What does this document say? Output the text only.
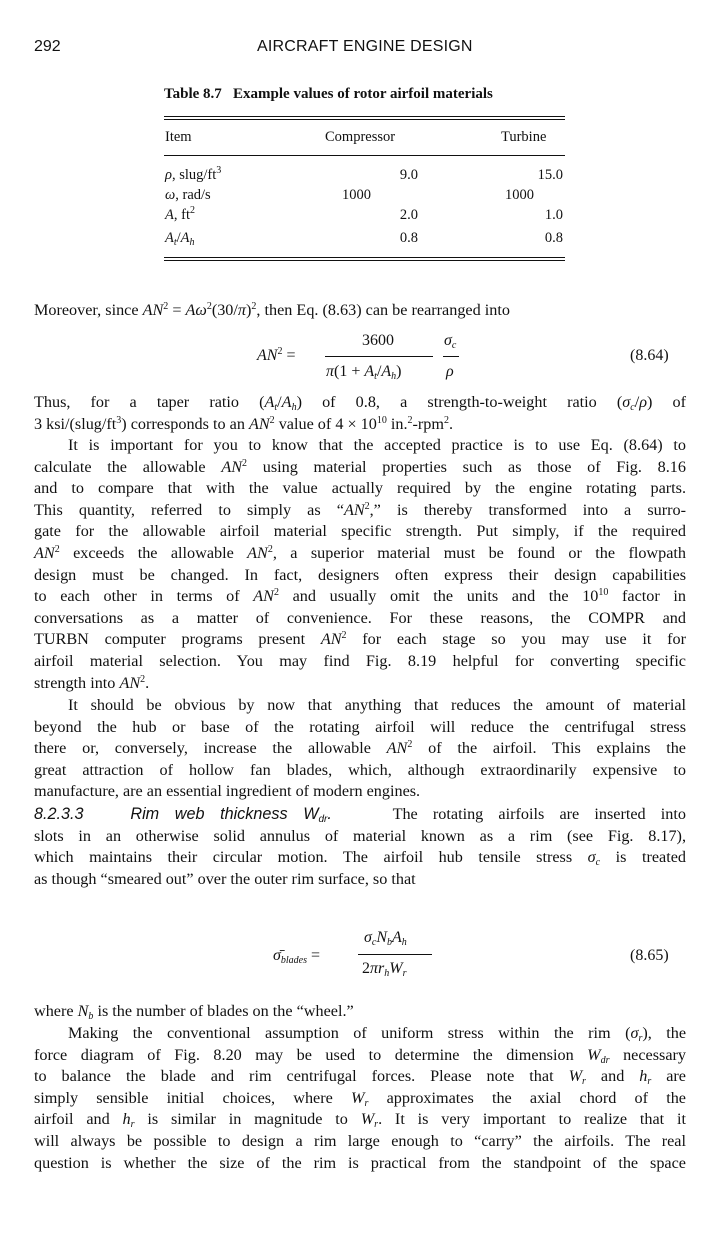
292	AIRCRAFT ENGINE DESIGN
Table 8.7 Example values of rotor airfoil materials
Item	Compressor	Turbine
ρ, slug/$ft^3$	9.0	15.0
ω, rad/s	1000	1000
A, $ft^2$	2.0	1.0
$A_t/A_h$	0.8	0.8
Moreover, since $AN^2 = A\omega^2(30/\pi)^2$, then Eq. (8.63) can be rearranged into
$AN^2$ =
3600	$\sigma_c$
$\pi(1 + A_t/A_h)$	ρ
(8.64)
Thus, for a taper ratio $(A_t/A_h)$ of 0.8, a strength-to-weight ratio $(\sigma_c/\rho)$ of
3 ksi/$(slug/ft^3)$ corresponds to an $AN^2$ value of $4 \times 10^{10}$ in.$^2$-rpm$^2$.
It is important for you to know that the accepted practice is to use Eq. (8.64) to
calculate the allowable $AN^2$ using material properties such as those of Fig. 8.16
and to compare that with the value actually required by the engine rotating parts.
This quantity, referred to simply as “$AN^2$,” is thereby transformed into a surro-
gate for the allowable airfoil material specific strength. Put simply, if the required
$AN^2$ exceeds the allowable $AN^2$, a superior material must be found or the flowpath
design must be changed. In fact, designers often express their design capabilities
to each other in terms of $AN^2$ and usually omit the units and the $10^{10}$ factor in
conversations as a matter of convenience. For these reasons, the COMPR and
TURBN computer programs present $AN^2$ for each stage so you may use it for
airfoil material selection. You may find Fig. 8.19 helpful for converting specific
strength into $AN^2$.
It should be obvious by now that anything that reduces the amount of material
beyond the hub or base of the rotating airfoil will reduce the centrifugal stress
there or, conversely, increase the allowable $AN^2$ of the airfoil. This explains the
great attraction of hollow fan blades, which, although extraordinarily expensive to
manufacture, are an essential ingredient of modern engines.
8.2.3.3   Rim web thickness $W_{dr}$.    The rotating airfoils are inserted into
slots in an otherwise solid annulus of material known as a rim (see Fig. 8.17),
which maintains their circular motion. The airfoil hub tensile stress $\sigma_c$ is treated
as though “smeared out” over the outer rim surface, so that
$\sigmā_{blades}$ =
$\sigma_cN_bA_h$
$2\pi r_hW_r$
(8.65)
where $N_b$ is the number of blades on the “wheel.”
Making the conventional assumption of uniform stress within the rim $(\sigma_r)$, the
force diagram of Fig. 8.20 may be used to determine the dimension $W_{dr}$ necessary
to balance the blade and rim centrifugal forces. Please note that $W_r$ and $h_r$ are
simply sensible initial choices, where $W_r$ approximates the axial chord of the
airfoil and $h_r$ is similar in magnitude to $W_r$. It is very important to realize that it
will always be possible to design a rim large enough to “carry” the airfoils. The real
question is whether the size of the rim is practical from the standpoint of the space
